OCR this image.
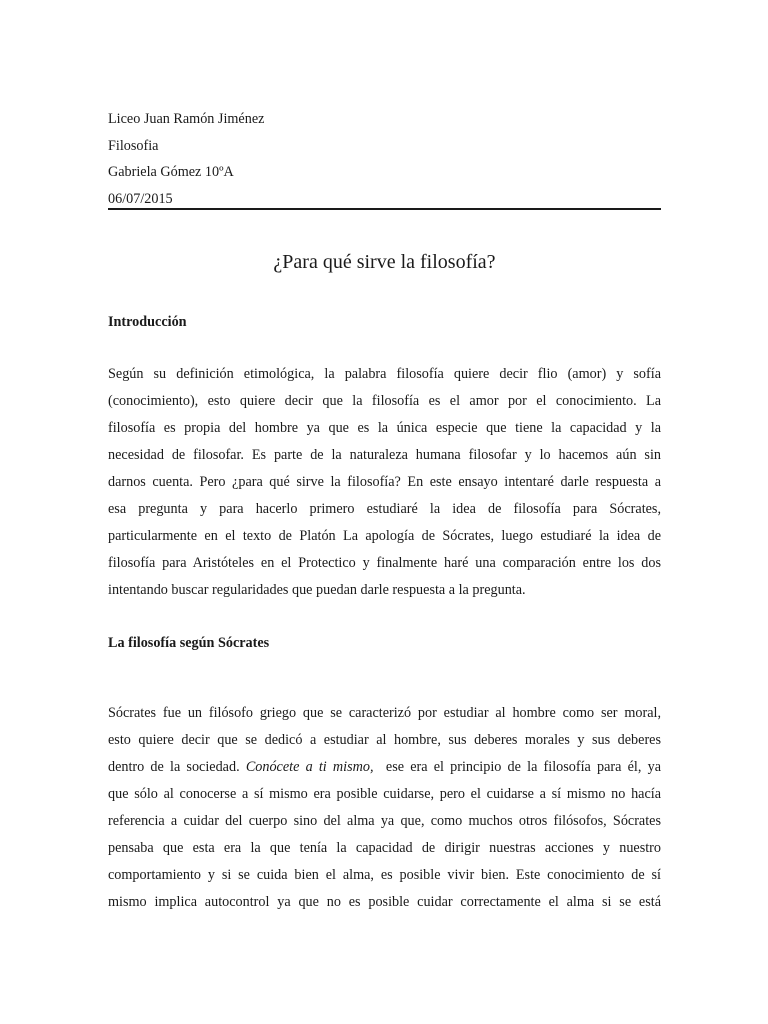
Liceo Juan Ramón Jiménez
Filosofia
Gabriela Gómez 10ºA
06/07/2015
¿Para qué sirve la filosofía?
Introducción
Según su definición etimológica, la palabra filosofía quiere decir flio (amor) y sofía
(conocimiento), esto quiere decir que la filosofía es el amor por el conocimiento. La
filosofía es propia del hombre ya que es la única especie que tiene la capacidad y la
necesidad de filosofar. Es parte de la naturaleza humana filosofar y lo hacemos aún sin
darnos cuenta. Pero ¿para qué sirve la filosofía? En este ensayo intentaré darle respuesta a
esa pregunta y para hacerlo primero estudiaré la idea de filosofía para Sócrates,
particularmente en el texto de Platón La apología de Sócrates, luego estudiaré la idea de
filosofía para Aristóteles en el Protectico y finalmente haré una comparación entre los dos
intentando buscar regularidades que puedan darle respuesta a la pregunta.
La filosofía según Sócrates
Sócrates fue un filósofo griego que se caracterizó por estudiar al hombre como ser moral,
esto quiere decir que se dedicó a estudiar al hombre, sus deberes morales y sus deberes
dentro de la sociedad. Conócete a ti mismo,  ese era el principio de la filosofía para él, ya
que sólo al conocerse a sí mismo era posible cuidarse, pero el cuidarse a sí mismo no hacía
referencia a cuidar del cuerpo sino del alma ya que, como muchos otros filósofos, Sócrates
pensaba que esta era la que tenía la capacidad de dirigir nuestras acciones y nuestro
comportamiento y si se cuida bien el alma, es posible vivir bien. Este conocimiento de sí
mismo implica autocontrol ya que no es posible cuidar correctamente el alma si se está
